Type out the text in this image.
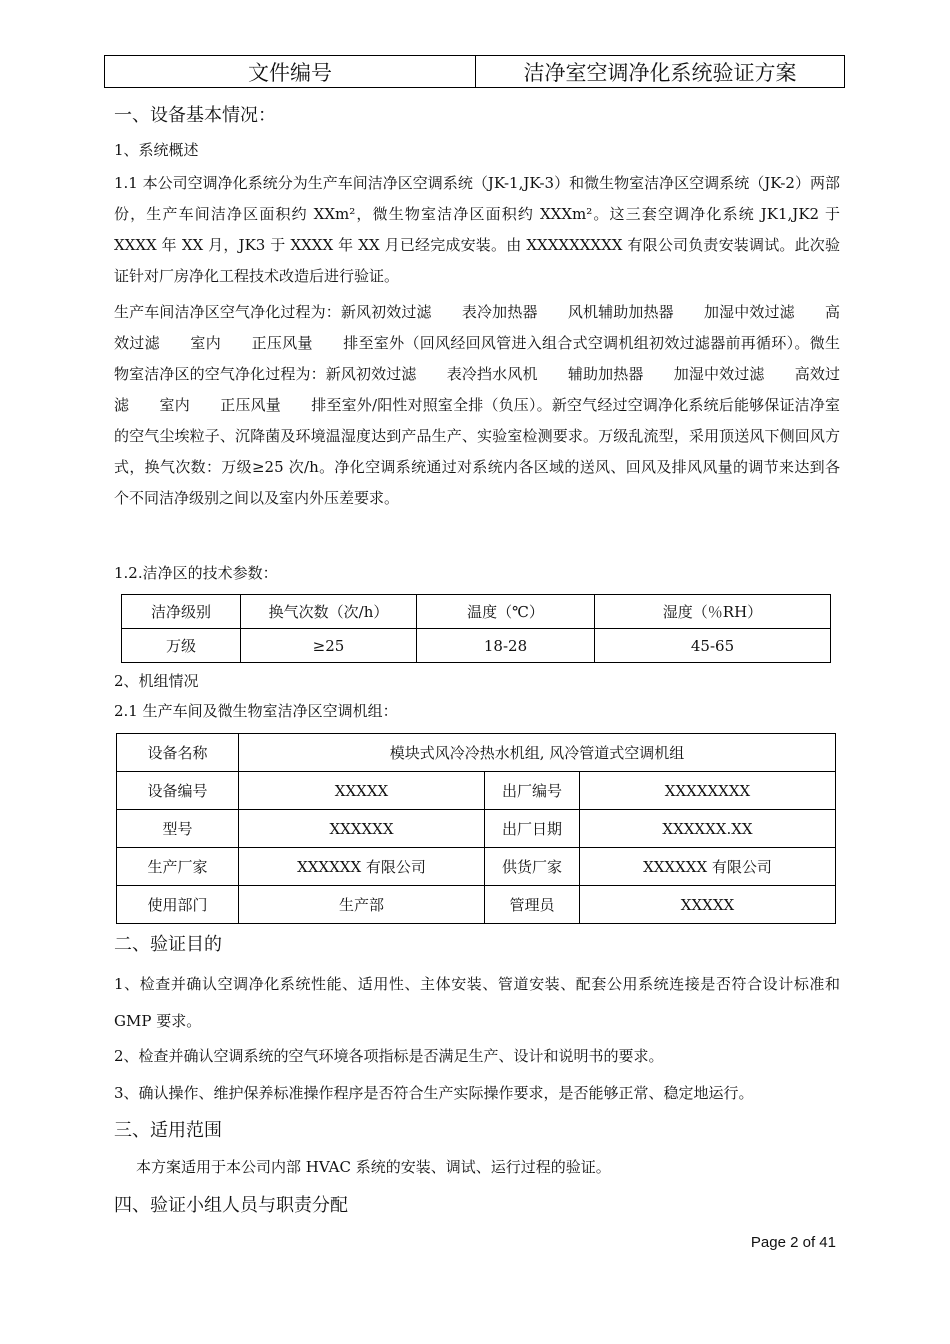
文件编号	洁净室空调净化系统验证方案
一、设备基本情况：
1、系统概述
1.1 本公司空调净化系统分为生产车间洁净区空调系统（JK-1,JK-3）和微生物室洁净区空调系统（JK-2）两部份，生产车间洁净区面积约 XXm²，微生物室洁净区面积约 XXXm²。这三套空调净化系统 JK1,JK2 于 XXXX 年 XX 月，JK3 于 XXXX 年 XX 月已经完成安装。由 XXXXXXXXX 有限公司负责安装调试。此次验证针对厂房净化工程技术改造后进行验证。
生产车间洁净区空气净化过程为：新风初效过滤　　表冷加热器　　风机辅助加热器　　加湿中效过滤　　高效过滤　　室内　　正压风量　　排至室外（回风经回风管进入组合式空调机组初效过滤器前再循环）。微生物室洁净区的空气净化过程为：新风初效过滤　　表冷挡水风机　　辅助加热器　　加湿中效过滤　　高效过滤　　室内　　正压风量　　排至室外/阳性对照室全排（负压）。新空气经过空调净化系统后能够保证洁净室的空气尘埃粒子、沉降菌及环境温湿度达到产品生产、实验室检测要求。万级乱流型，采用顶送风下侧回风方式，换气次数：万级≥25 次/h。净化空调系统通过对系统内各区域的送风、回风及排风风量的调节来达到各个不同洁净级别之间以及室内外压差要求。
1.2.洁净区的技术参数：
洁净级别	换气次数（次/h）	温度（℃）	湿度（％RH）
万级	≥25	18-28	45-65
2、机组情况
2.1 生产车间及微生物室洁净区空调机组：
设备名称	模块式风冷冷热水机组, 风冷管道式空调机组		
设备编号	XXXXX	出厂编号	XXXXXXXX
型号	XXXXXX	出厂日期	XXXXXX.XX
生产厂家	XXXXXX 有限公司	供货厂家	XXXXXX 有限公司
使用部门	生产部	管理员	XXXXX
二、验证目的
1、检查并确认空调净化系统性能、适用性、主体安装、管道安装、配套公用系统连接是否符合设计标准和 GMP 要求。
2、检查并确认空调系统的空气环境各项指标是否满足生产、设计和说明书的要求。
3、确认操作、维护保养标准操作程序是否符合生产实际操作要求，是否能够正常、稳定地运行。
三、适用范围
本方案适用于本公司内部 HVAC 系统的安装、调试、运行过程的验证。
四、验证小组人员与职责分配
Page 2 of 41
